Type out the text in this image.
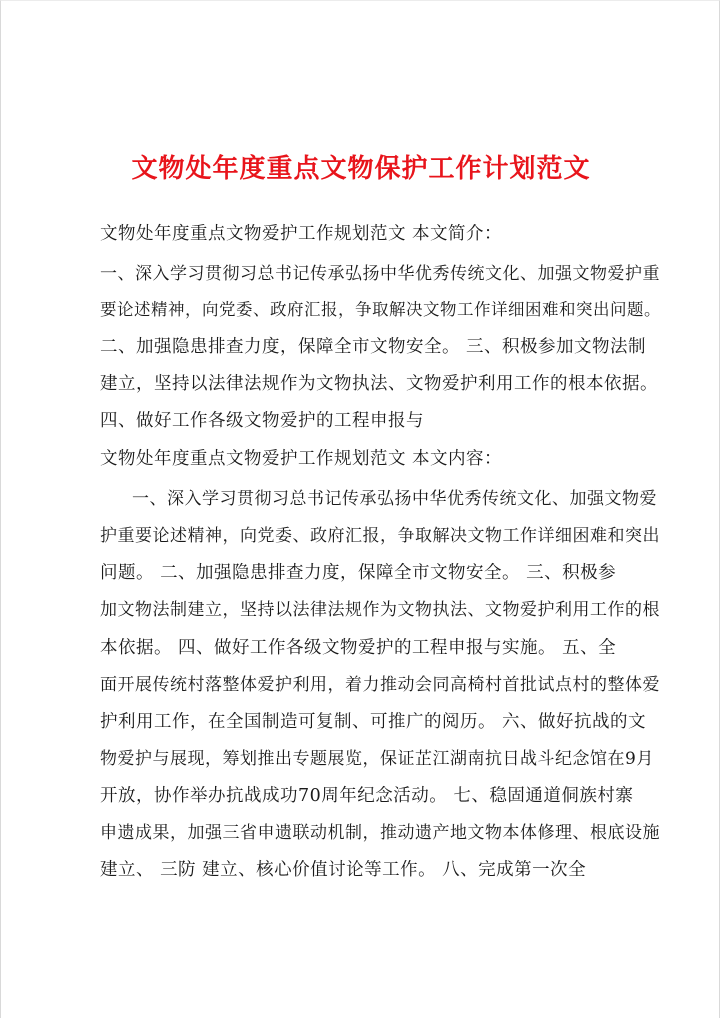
文物处年度重点文物保护工作计划范文

文物处年度重点文物爱护工作规划范文 本文简介：

一、深入学习贯彻习总书记传承弘扬中华优秀传统文化、加强文物爱护重

要论述精神，向党委、政府汇报，争取解决文物工作详细困难和突出问题。

二、加强隐患排查力度，保障全市文物安全。 三、积极参加文物法制

建立，坚持以法律法规作为文物执法、文物爱护利用工作的根本依据。

四、做好工作各级文物爱护的工程申报与

文物处年度重点文物爱护工作规划范文 本文内容：

一、深入学习贯彻习总书记传承弘扬中华优秀传统文化、加强文物爱

护重要论述精神，向党委、政府汇报，争取解决文物工作详细困难和突出

问题。 二、加强隐患排查力度，保障全市文物安全。 三、积极参

加文物法制建立，坚持以法律法规作为文物执法、文物爱护利用工作的根

本依据。 四、做好工作各级文物爱护的工程申报与实施。 五、全

面开展传统村落整体爱护利用，着力推动会同高椅村首批试点村的整体爱

护利用工作，在全国制造可复制、可推广的阅历。 六、做好抗战的文

物爱护与展现，筹划推出专题展览，保证芷江湖南抗日战斗纪念馆在9月

开放，协作举办抗战成功70周年纪念活动。 七、稳固通道侗族村寨

申遗成果，加强三省申遗联动机制，推动遗产地文物本体修理、根底设施

建立、 三防 建立、核心价值讨论等工作。 八、完成第一次全
